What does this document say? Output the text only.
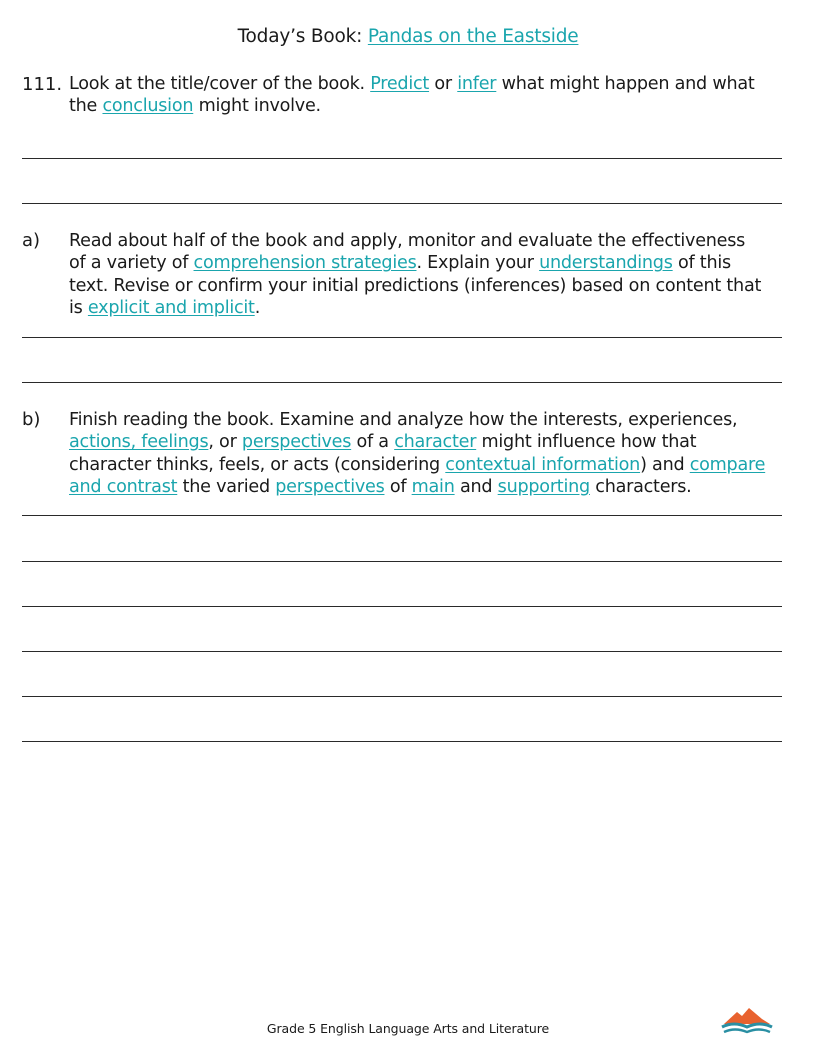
Today’s Book: Pandas on the Eastside
111. Look at the title/cover of the book. Predict or infer what might happen and what
the conclusion might involve.
a) Read about half of the book and apply, monitor and evaluate the effectiveness
of a variety of comprehension strategies. Explain your understandings of this
text. Revise or confirm your initial predictions (inferences) based on content that
is explicit and implicit.
b) Finish reading the book. Examine and analyze how the interests, experiences,
actions, feelings, or perspectives of a character might influence how that
character thinks, feels, or acts (considering contextual information) and compare
and contrast the varied perspectives of main and supporting characters.
Grade 5 English Language Arts and Literature
